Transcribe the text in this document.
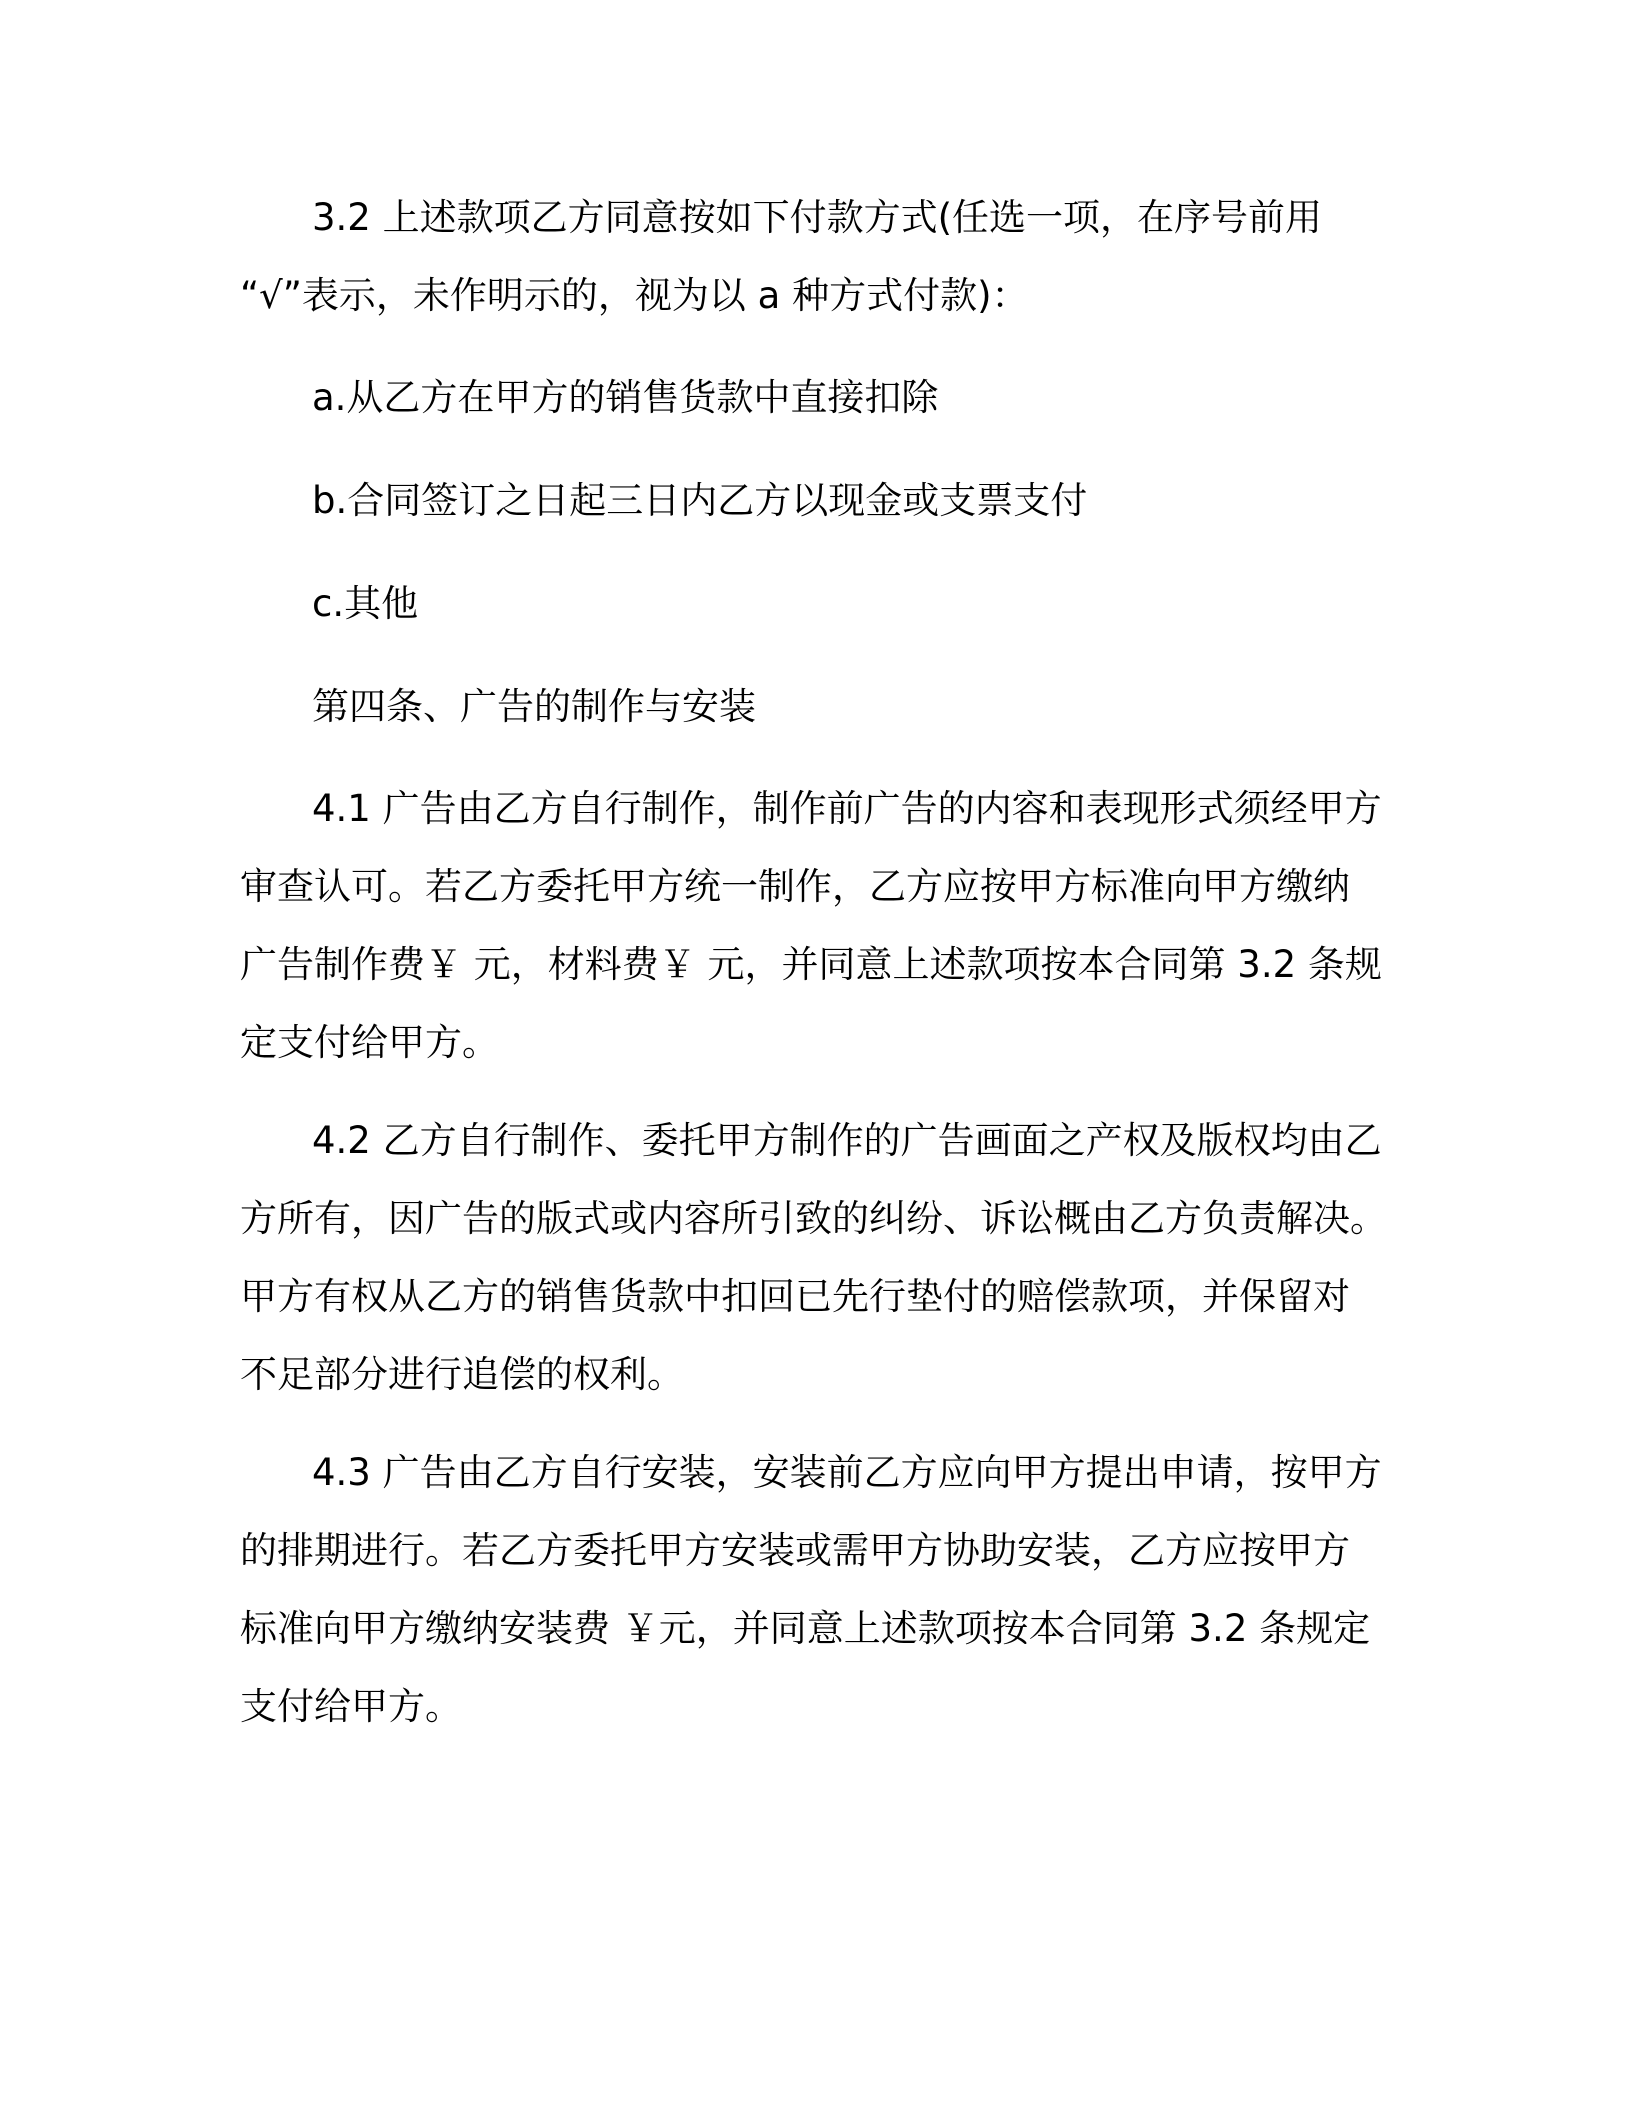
3.2 上述款项乙方同意按如下付款方式(任选一项，在序号前用
“√”表示，未作明示的，视为以 a 种方式付款)：
a.从乙方在甲方的销售货款中直接扣除
b.合同签订之日起三日内乙方以现金或支票支付
c.其他
第四条、广告的制作与安装
4.1 广告由乙方自行制作，制作前广告的内容和表现形式须经甲方
审查认可。若乙方委托甲方统一制作，乙方应按甲方标准向甲方缴纳
广告制作费￥ 元，材料费￥ 元，并同意上述款项按本合同第 3.2 条规
定支付给甲方。
4.2 乙方自行制作、委托甲方制作的广告画面之产权及版权均由乙
方所有，因广告的版式或内容所引致的纠纷、诉讼概由乙方负责解决。
甲方有权从乙方的销售货款中扣回已先行垫付的赔偿款项，并保留对
不足部分进行追偿的权利。
4.3 广告由乙方自行安装，安装前乙方应向甲方提出申请，按甲方
的排期进行。若乙方委托甲方安装或需甲方协助安装，乙方应按甲方
标准向甲方缴纳安装费 ￥元，并同意上述款项按本合同第 3.2 条规定
支付给甲方。
